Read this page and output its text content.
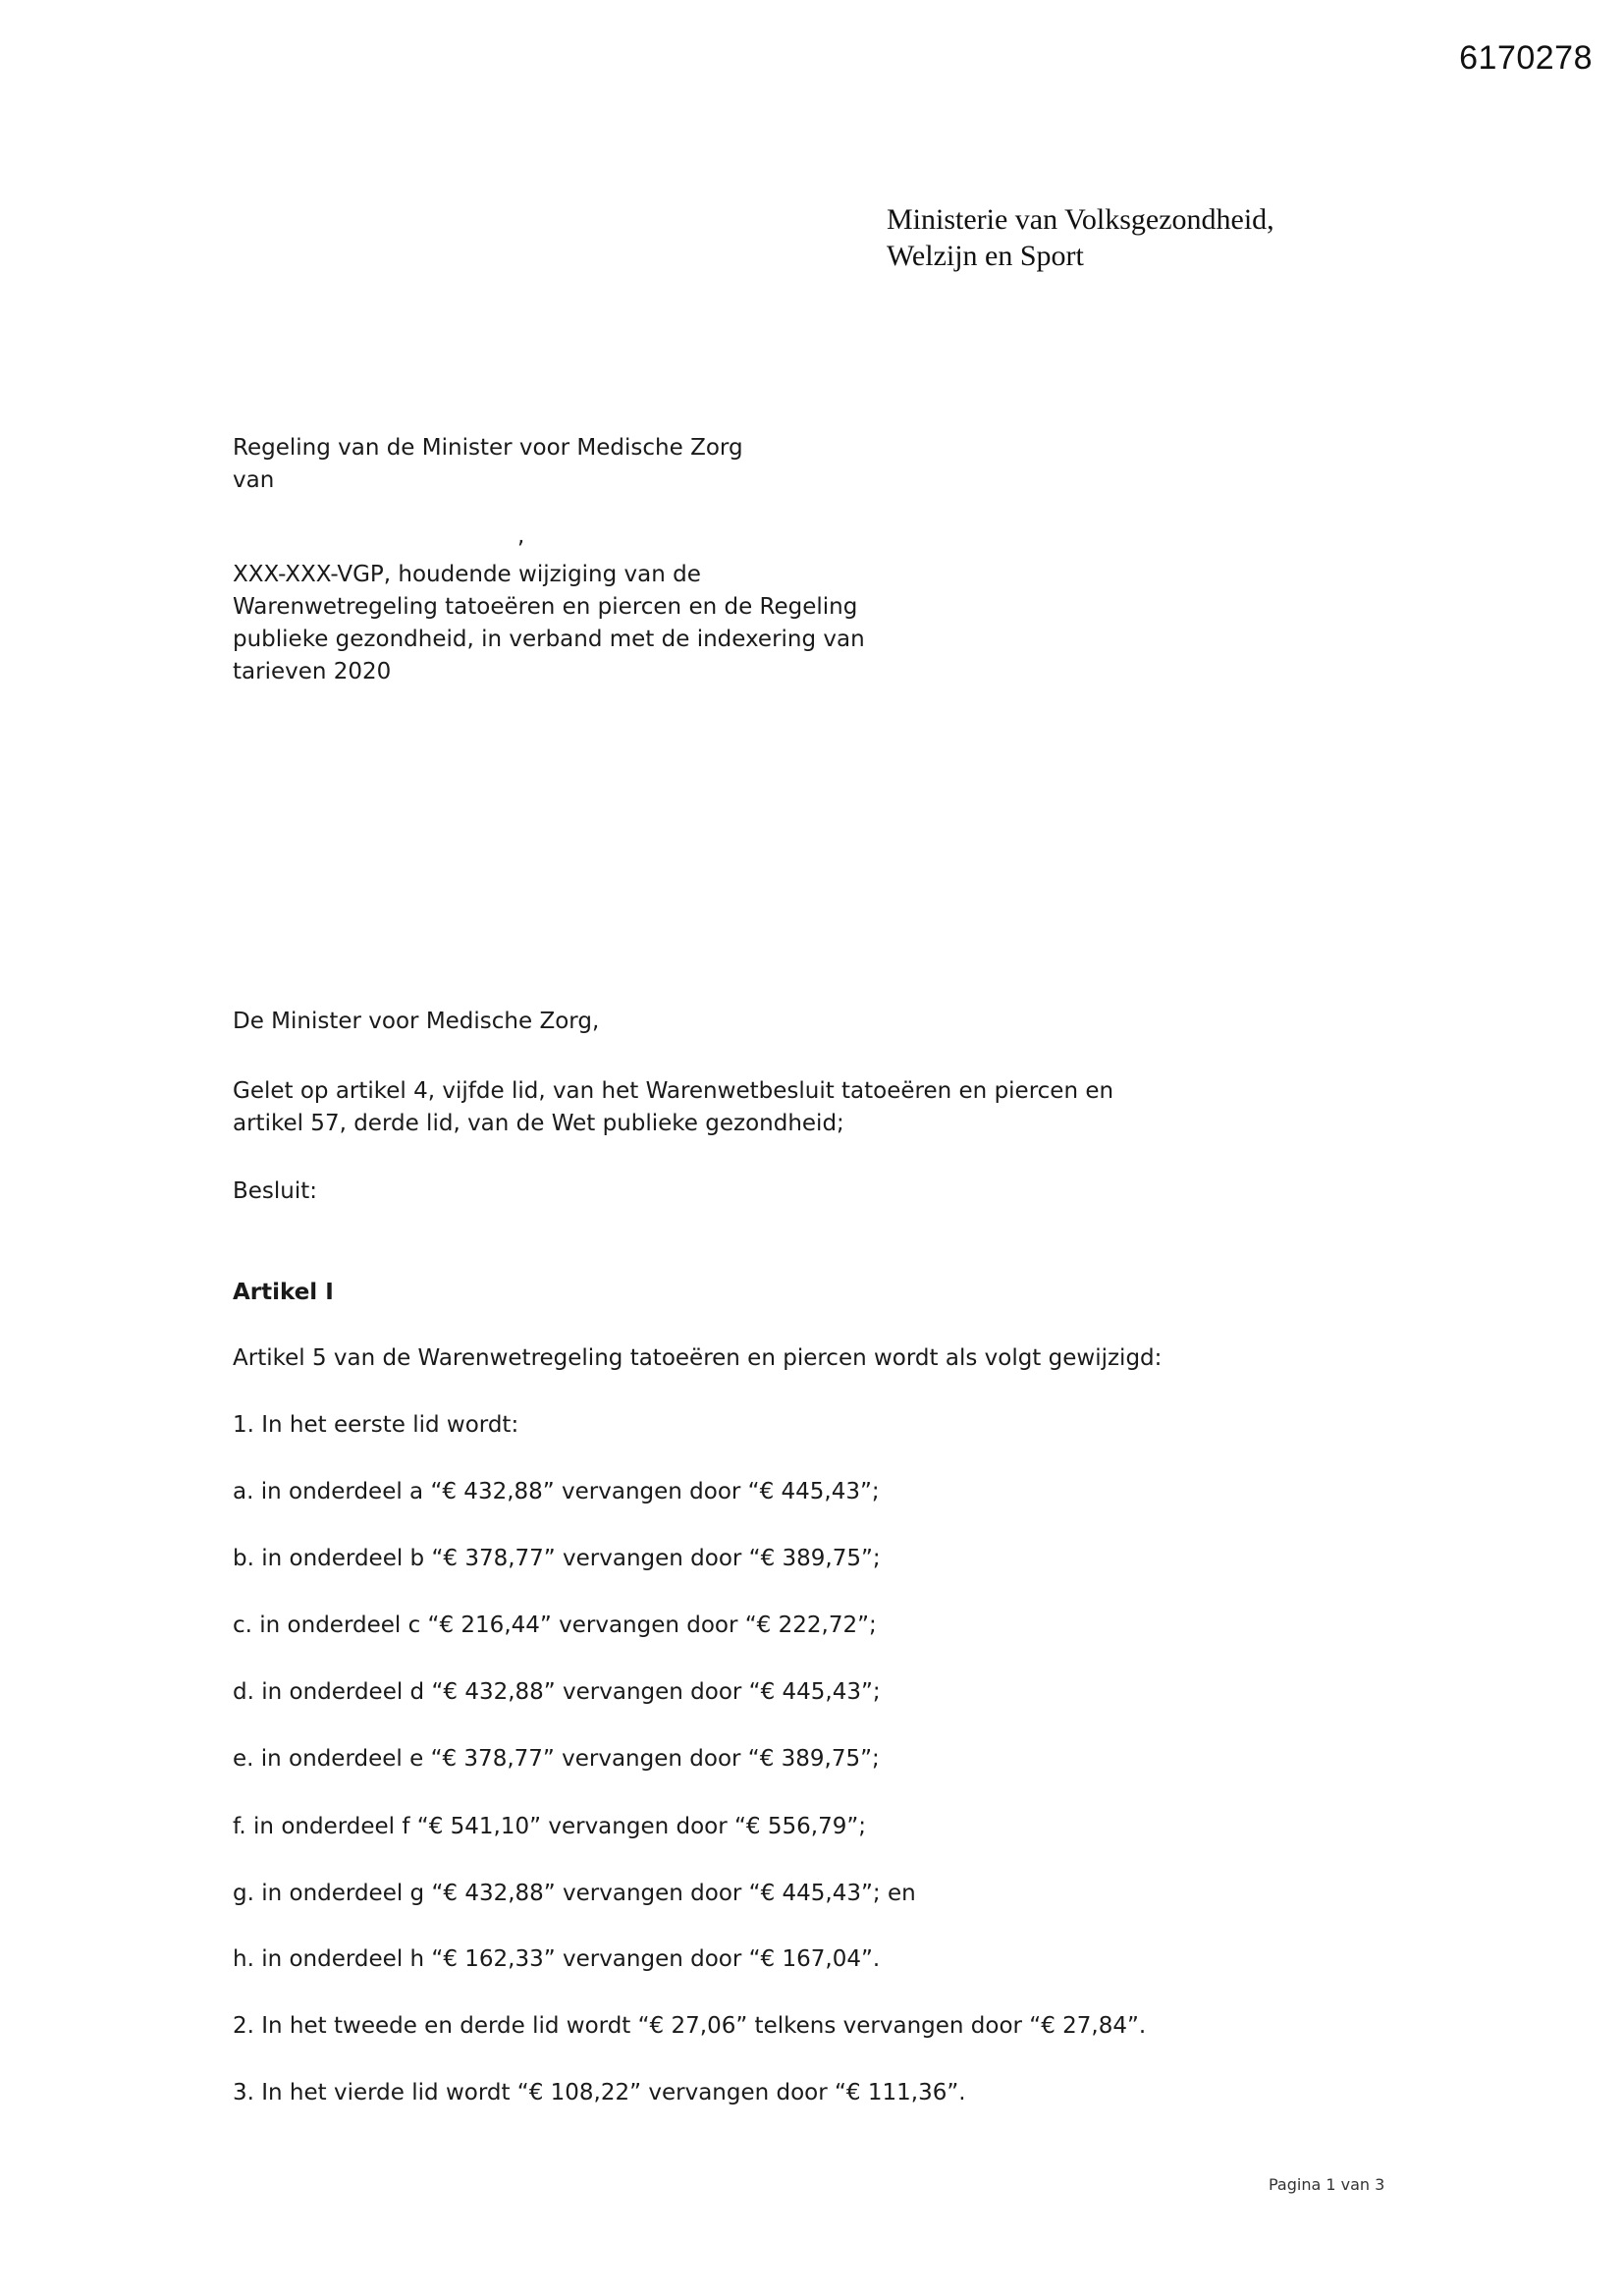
6170278
Ministerie van Volksgezondheid,
Welzijn en Sport
Regeling van de Minister voor Medische Zorg
van
,
XXX-XXX-VGP, houdende wijziging van de
Warenwetregeling tatoeëren en piercen en de Regeling
publieke gezondheid, in verband met de indexering van
tarieven 2020
De Minister voor Medische Zorg,
Gelet op artikel 4, vijfde lid, van het Warenwetbesluit tatoeëren en piercen en
artikel 57, derde lid, van de Wet publieke gezondheid;
Besluit:
Artikel I
Artikel 5 van de Warenwetregeling tatoeëren en piercen wordt als volgt gewijzigd:
1. In het eerste lid wordt:
a. in onderdeel a “€ 432,88” vervangen door “€ 445,43”;
b. in onderdeel b “€ 378,77” vervangen door “€ 389,75”;
c. in onderdeel c “€ 216,44” vervangen door “€ 222,72”;
d. in onderdeel d “€ 432,88” vervangen door “€ 445,43”;
e. in onderdeel e “€ 378,77” vervangen door “€ 389,75”;
f. in onderdeel f “€ 541,10” vervangen door “€ 556,79”;
g. in onderdeel g “€ 432,88” vervangen door “€ 445,43”; en
h. in onderdeel h “€ 162,33” vervangen door “€ 167,04”.
2. In het tweede en derde lid wordt “€ 27,06” telkens vervangen door “€ 27,84”.
3. In het vierde lid wordt “€ 108,22” vervangen door “€ 111,36”.
Pagina 1 van 3
